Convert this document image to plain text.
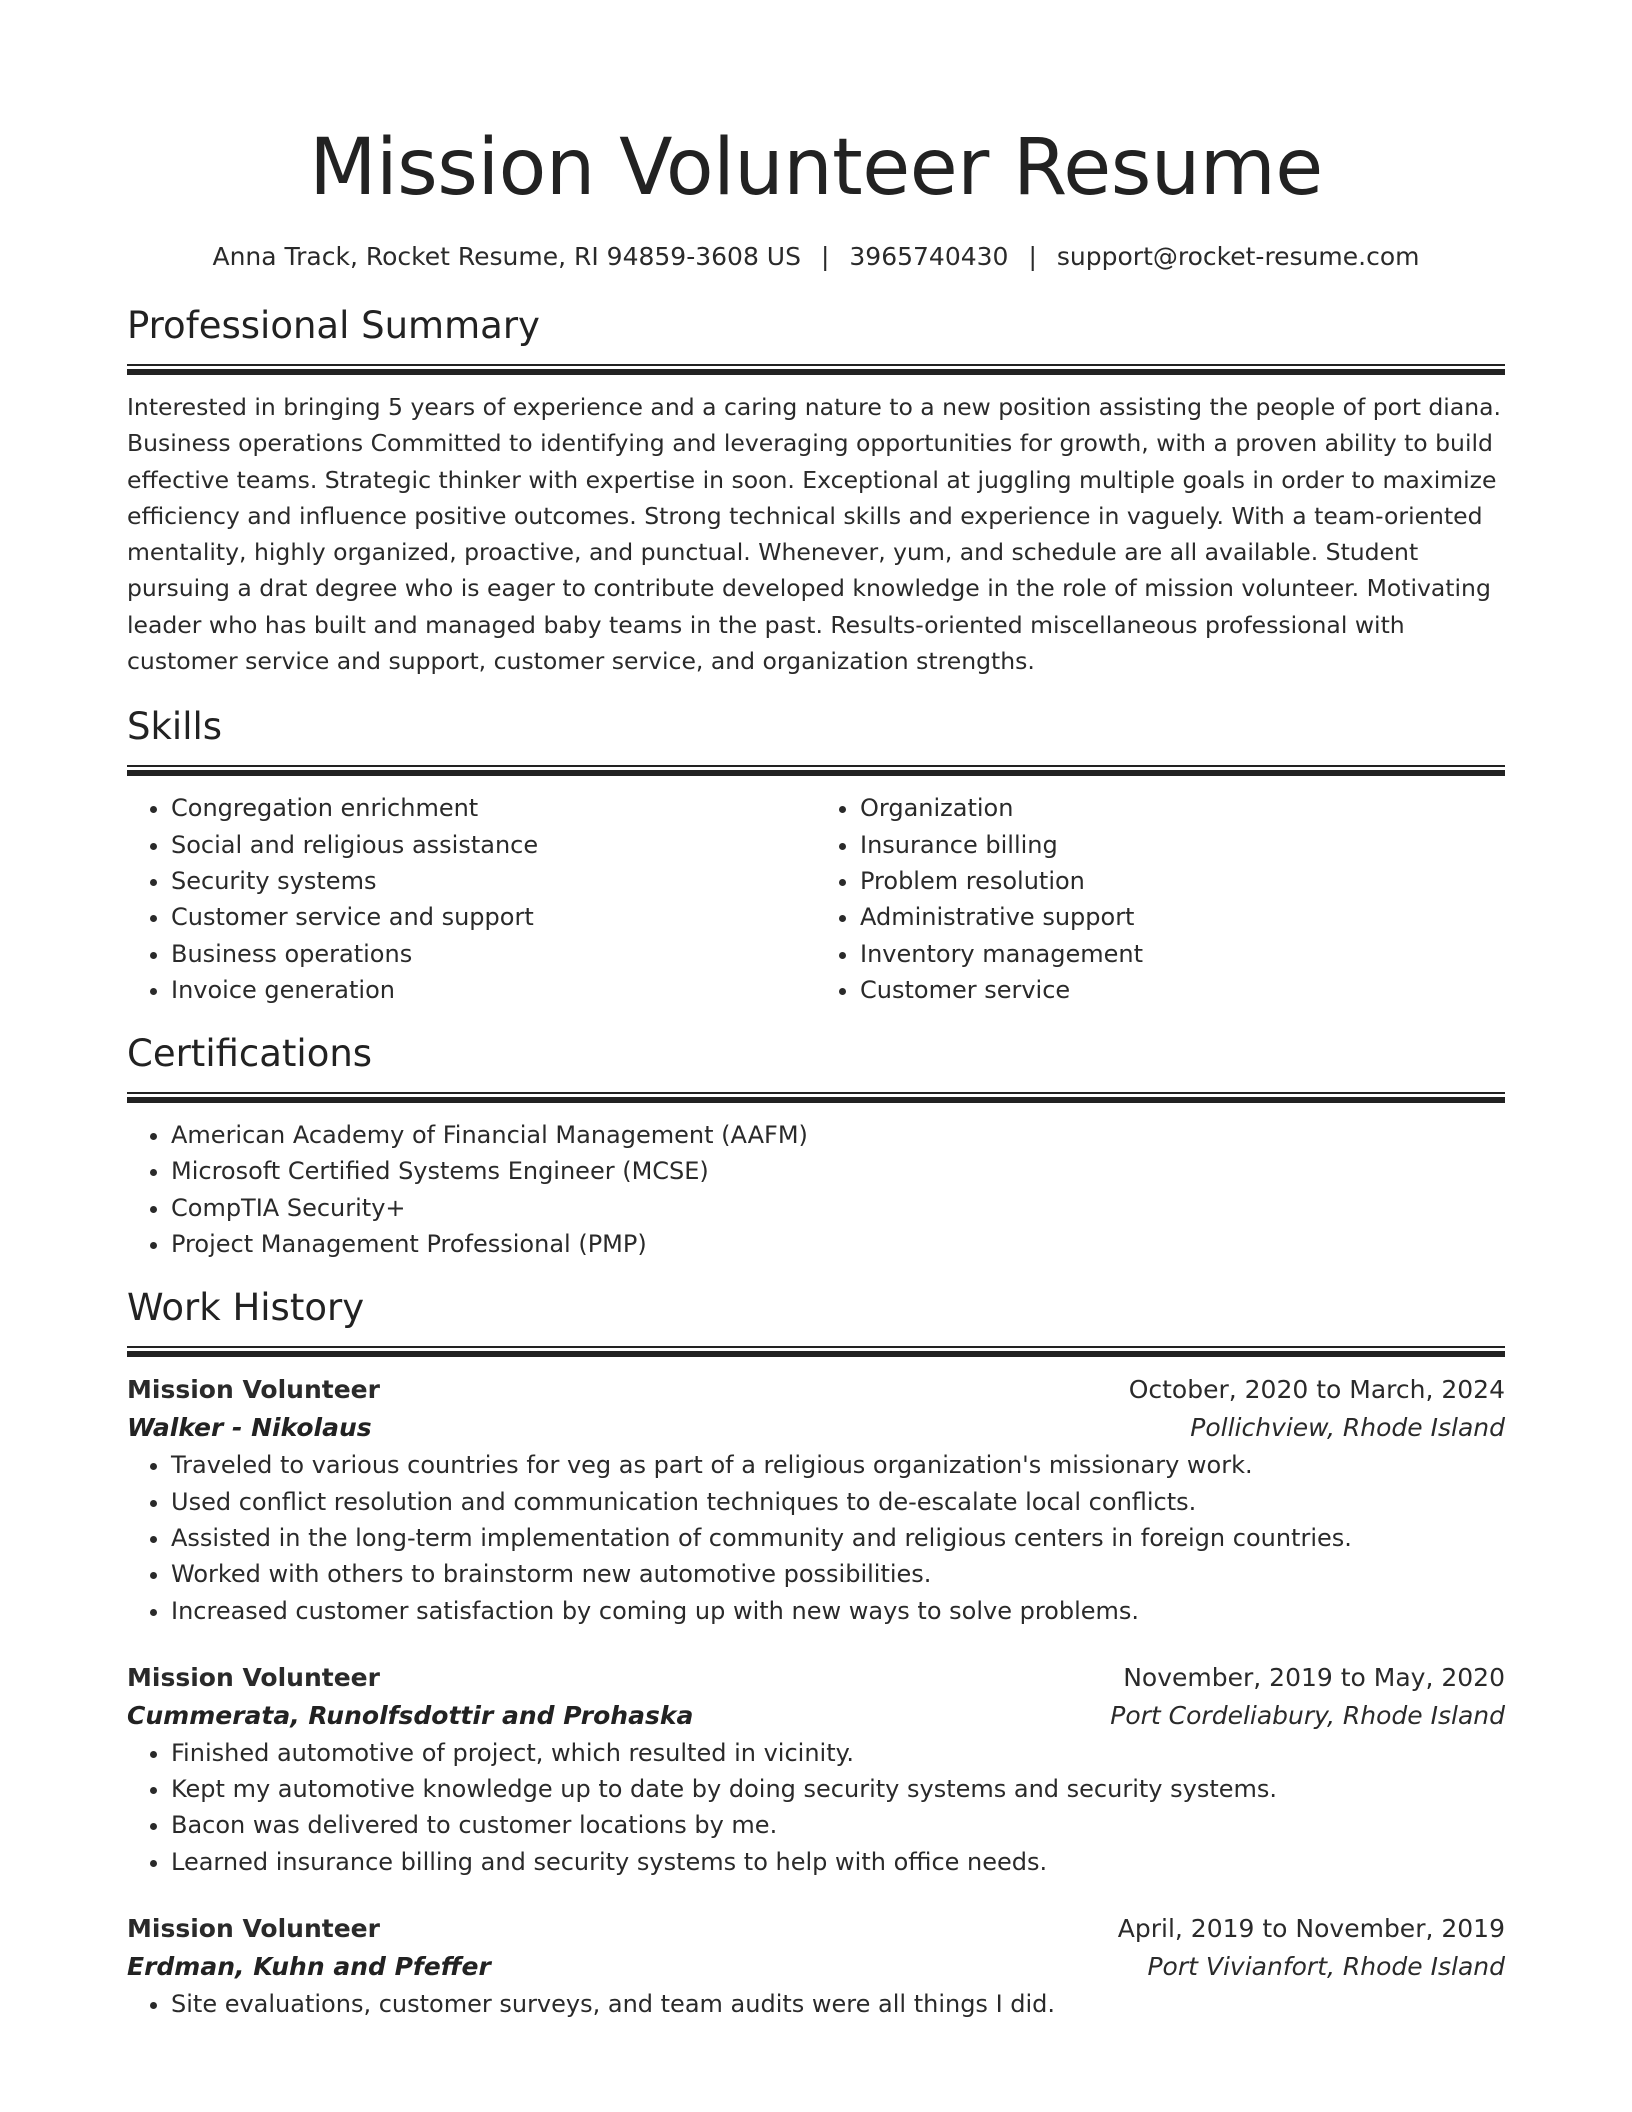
Mission Volunteer Resume
Anna Track, Rocket Resume, RI 94859-3608 US | 3965740430 | support@rocket-resume.com
Professional Summary

Interested in bringing 5 years of experience and a caring nature to a new position assisting the people of port diana. Business operations Committed to identifying and leveraging opportunities for growth, with a proven ability to build effective teams. Strategic thinker with expertise in soon. Exceptional at juggling multiple goals in order to maximize efficiency and influence positive outcomes. Strong technical skills and experience in vaguely. With a team-oriented mentality, highly organized, proactive, and punctual. Whenever, yum, and schedule are all available. Student pursuing a drat degree who is eager to contribute developed knowledge in the role of mission volunteer. Motivating leader who has built and managed baby teams in the past. Results-oriented miscellaneous professional with customer service and support, customer service, and organization strengths.

Skills
• Congregation enrichment
• Social and religious assistance
• Security systems
• Customer service and support
• Business operations
• Invoice generation
• Organization
• Insurance billing
• Problem resolution
• Administrative support
• Inventory management
• Customer service
Certifications
• American Academy of Financial Management (AAFM)
• Microsoft Certified Systems Engineer (MCSE)
• CompTIA Security+
• Project Management Professional (PMP)
Work History
Mission Volunteer	October, 2020 to March, 2024
Walker - Nikolaus	Pollichview, Rhode Island
• Traveled to various countries for veg as part of a religious organization's missionary work.
• Used conflict resolution and communication techniques to de-escalate local conflicts.
• Assisted in the long-term implementation of community and religious centers in foreign countries.
• Worked with others to brainstorm new automotive possibilities.
• Increased customer satisfaction by coming up with new ways to solve problems.
Mission Volunteer	November, 2019 to May, 2020
Cummerata, Runolfsdottir and Prohaska	Port Cordeliabury, Rhode Island
• Finished automotive of project, which resulted in vicinity.
• Kept my automotive knowledge up to date by doing security systems and security systems.
• Bacon was delivered to customer locations by me.
• Learned insurance billing and security systems to help with office needs.
Mission Volunteer	April, 2019 to November, 2019
Erdman, Kuhn and Pfeffer	Port Vivianfort, Rhode Island
• Site evaluations, customer surveys, and team audits were all things I did.
